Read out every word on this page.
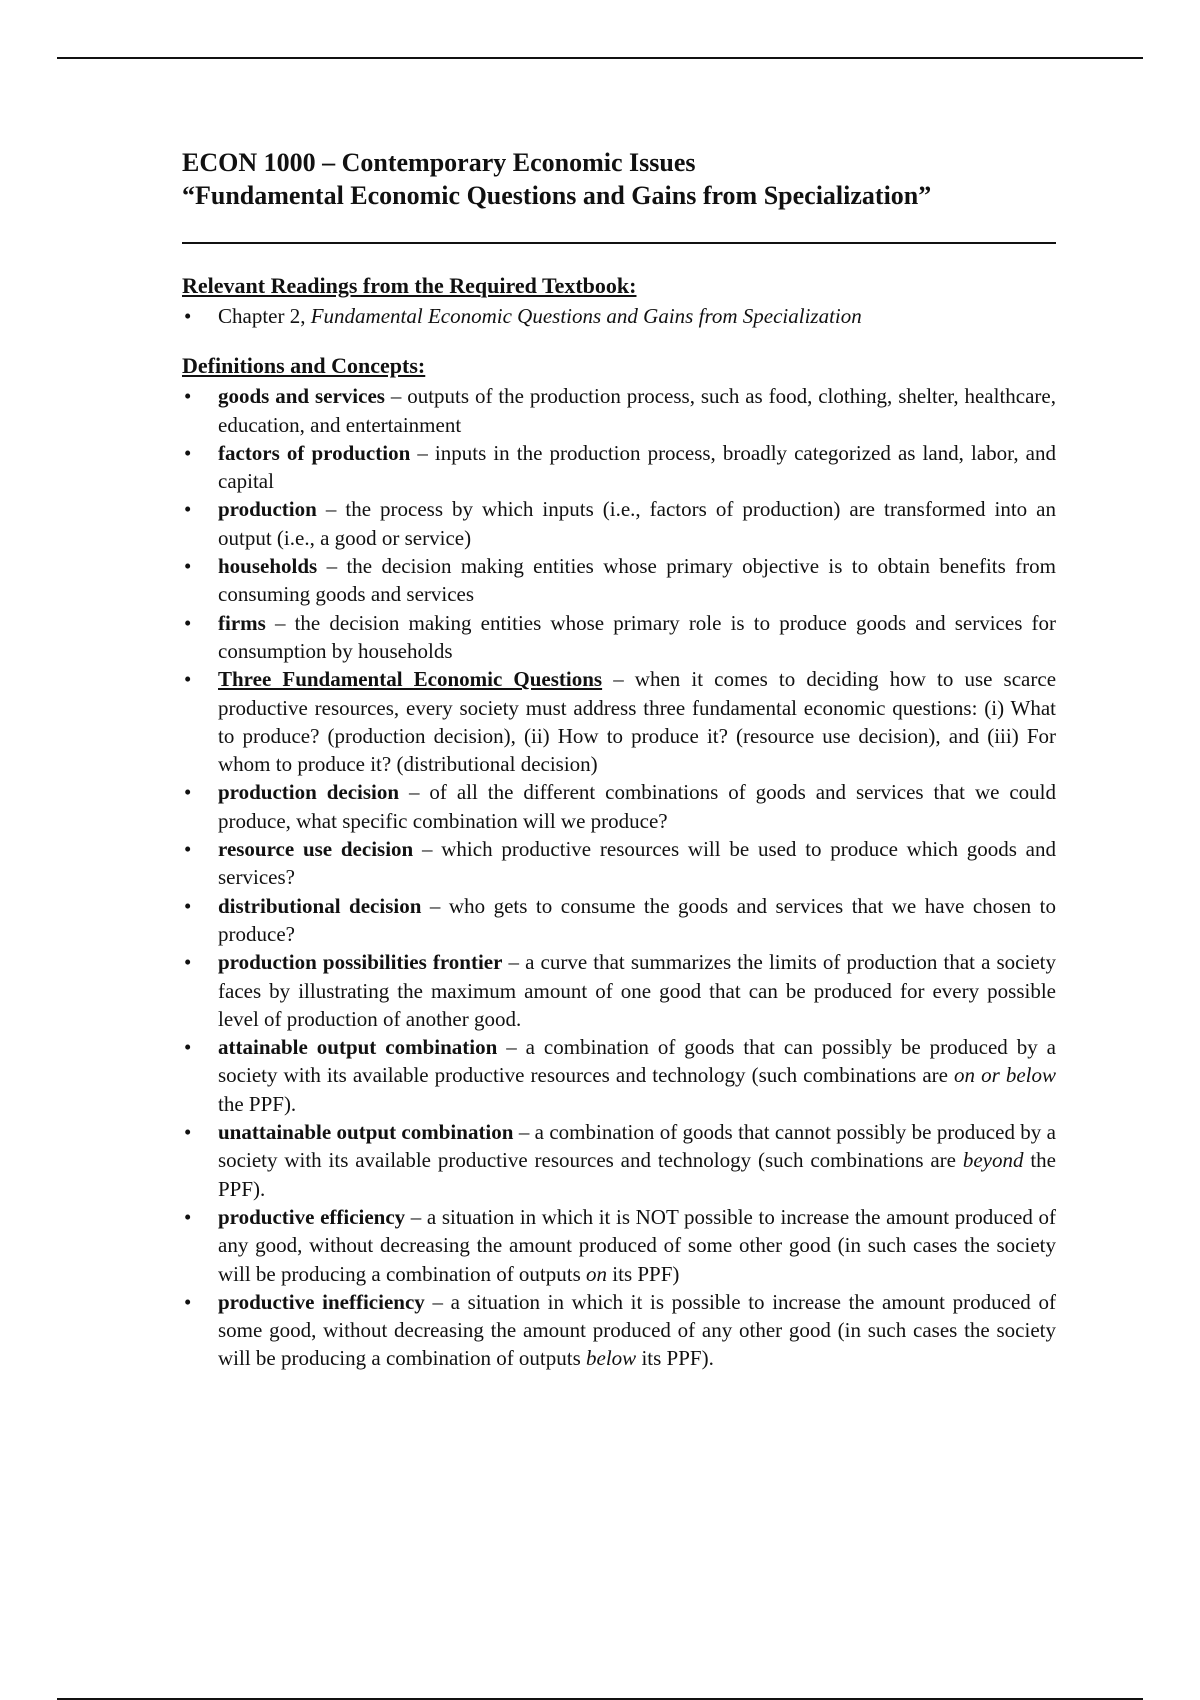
ECON 1000 – Contemporary Economic Issues
“Fundamental Economic Questions and Gains from Specialization”
Relevant Readings from the Required Textbook:
• Chapter 2, Fundamental Economic Questions and Gains from Specialization
Definitions and Concepts:
• goods and services – outputs of the production process, such as food, clothing, shelter, healthcare, education, and entertainment
• factors of production – inputs in the production process, broadly categorized as land, labor, and capital
• production – the process by which inputs (i.e., factors of production) are transformed into an output (i.e., a good or service)
• households – the decision making entities whose primary objective is to obtain benefits from consuming goods and services
• firms – the decision making entities whose primary role is to produce goods and services for consumption by households
• Three Fundamental Economic Questions – when it comes to deciding how to use scarce productive resources, every society must address three fundamental economic questions: (i) What to produce? (production decision), (ii) How to produce it? (resource use decision), and (iii) For whom to produce it? (distributional decision)
• production decision – of all the different combinations of goods and services that we could produce, what specific combination will we produce?
• resource use decision – which productive resources will be used to produce which goods and services?
• distributional decision – who gets to consume the goods and services that we have chosen to produce?
• production possibilities frontier – a curve that summarizes the limits of production that a society faces by illustrating the maximum amount of one good that can be produced for every possible level of production of another good.
• attainable output combination – a combination of goods that can possibly be produced by a society with its available productive resources and technology (such combinations are on or below the PPF).
• unattainable output combination – a combination of goods that cannot possibly be produced by a society with its available productive resources and technology (such combinations are beyond the PPF).
• productive efficiency – a situation in which it is NOT possible to increase the amount produced of any good, without decreasing the amount produced of some other good (in such cases the society will be producing a combination of outputs on its PPF)
• productive inefficiency – a situation in which it is possible to increase the amount produced of some good, without decreasing the amount produced of any other good (in such cases the society will be producing a combination of outputs below its PPF).
